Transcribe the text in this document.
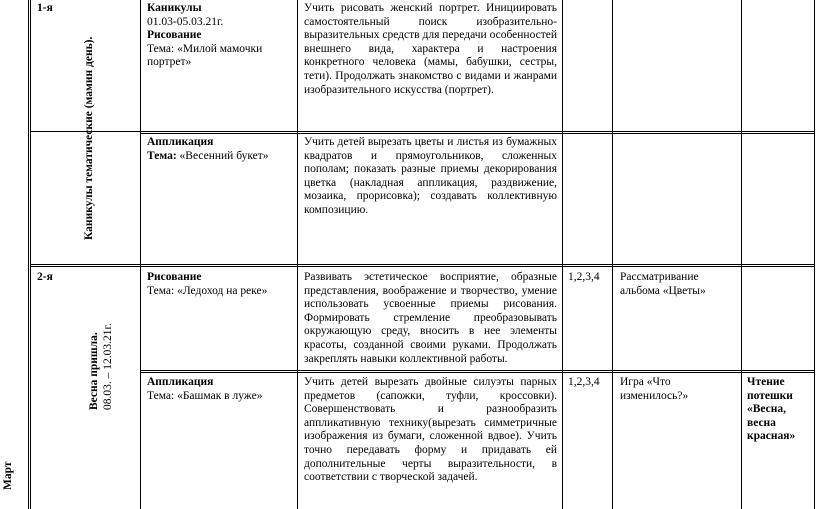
Март
1-я
Каникулы тематические (мамин день).
Каникулы
01.03-05.03.21г.
Рисование
Тема: «Милой мамочки портрет»
Учить рисовать женский портрет. Инициировать самостоятельный поиск изобразительно-выразительных средств для передачи особенностей внешнего вида, характера и настроения конкретного человека (мамы, бабушки, сестры, тети). Продолжать знакомство с видами и жанрами изобразительного искусства (портрет).
Аппликация
Тема: «Весенний букет»
Учить детей вырезать цветы и листья из бумажных квадратов и прямоугольников, сложенных пополам; показать разные приемы декорирования цветка (накладная аппликация, раздвижение, мозаика, прорисовка); создавать коллективную композицию.
2-я
Весна пришла. 08.03. – 12.03.21г.
Рисование
Тема: «Ледоход на реке»
Развивать эстетическое восприятие, образные представления, воображение и творчество, умение использовать усвоенные приемы рисования. Формировать стремление преобразовывать окружающую среду, вносить в нее элементы красоты, созданной своими руками. Продолжать закреплять навыки коллективной работы.
1,2,3,4	Рассматривание альбома «Цветы»
Аппликация
Тема: «Башмак в луже»
Учить детей вырезать двойные силуэты парных предметов (сапожки, туфли, кроссовки). Совершенствовать и разнообразить аппликативную технику(вырезать симметричные изображения из бумаги, сложенной вдвое). Учить точно передавать форму и придавать ей дополнительные черты выразительности, в соответствии с творческой задачей.
1,2,3,4	Игра «Что изменилось?»
Чтение потешки «Весна, весна красная»
